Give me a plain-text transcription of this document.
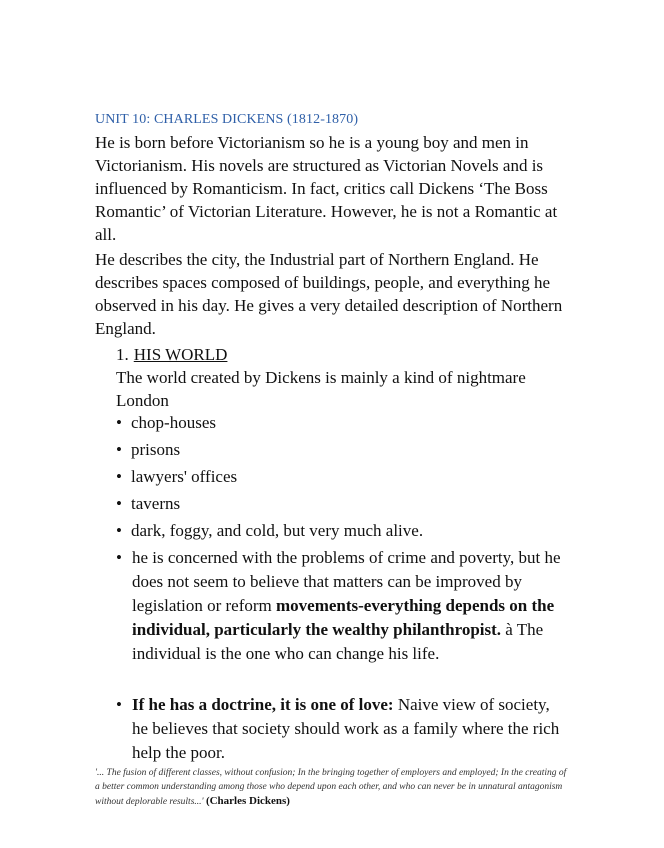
UNIT 10: CHARLES DICKENS (1812-1870)
He is born before Victorianism so he is a young boy and men in Victorianism. His novels are structured as Victorian Novels and is influenced by Romanticism. In fact, critics call Dickens ‘The Boss Romantic’ of Victorian Literature. However, he is not a Romantic at all.
He describes the city, the Industrial part of Northern England. He describes spaces composed of buildings, people, and everything he observed in his day. He gives a very detailed description of Northern England.
1. HIS WORLD
The world created by Dickens is mainly a kind of nightmare London
• chop-houses
• prisons
• lawyers' offices
• taverns
• dark, foggy, and cold, but very much alive.
• he is concerned with the problems of crime and poverty, but he does not seem to believe that matters can be improved by legislation or reform movements-everything depends on the individual, particularly the wealthy philanthropist. à The individual is the one who can change his life.
• If he has a doctrine, it is one of love: Naive view of society, he believes that society should work as a family where the rich help the poor.
'... The fusion of different classes, without confusion; In the bringing together of employers and employed; In the creating of a better common understanding among those who depend upon each other, and who can never be in unnatural antagonism without deplorable results...' (Charles Dickens)
